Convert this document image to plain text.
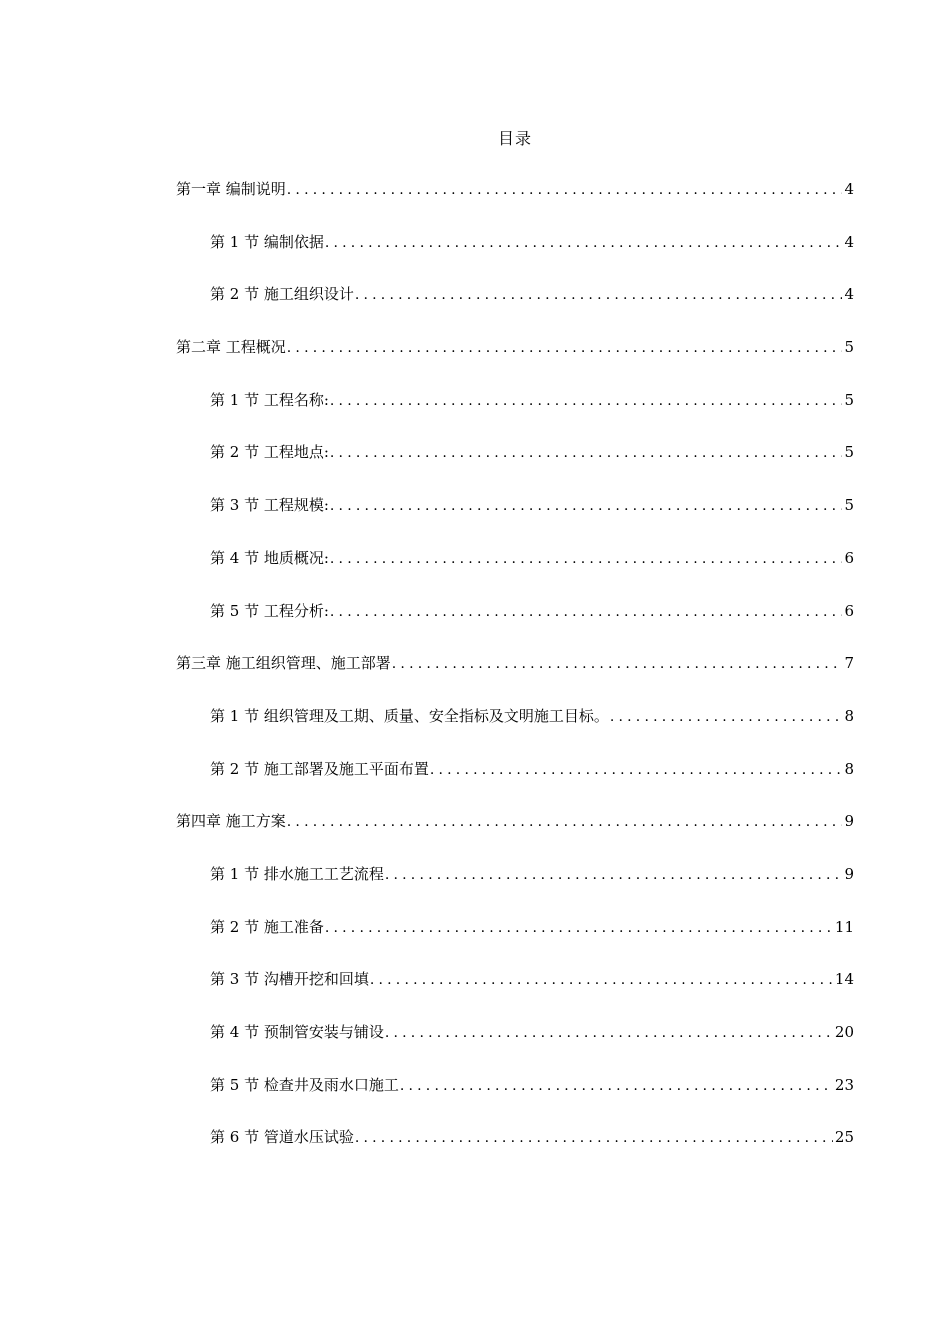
目录
第一章 编制说明 .....	4
第 1 节 编制依据 .....	4
第 2 节 施工组织设计 .....	4
第二章 工程概况 .....	5
第 1 节 工程名称: .....	5
第 2 节 工程地点: .....	5
第 3 节 工程规模: .....	5
第 4 节 地质概况: .....	6
第 5 节 工程分析: .....	6
第三章 施工组织管理、施工部署 .....	7
第 1 节 组织管理及工期、质量、安全指标及文明施工目标。 .....	8
第 2 节 施工部署及施工平面布置 .....	8
第四章 施工方案 .....	9
第 1 节 排水施工工艺流程 .....	9
第 2 节 施工准备 .....	11
第 3 节 沟槽开挖和回填 .....	14
第 4 节 预制管安装与铺设 .....	20
第 5 节 检查井及雨水口施工 .....	23
第 6 节 管道水压试验 .....	25
